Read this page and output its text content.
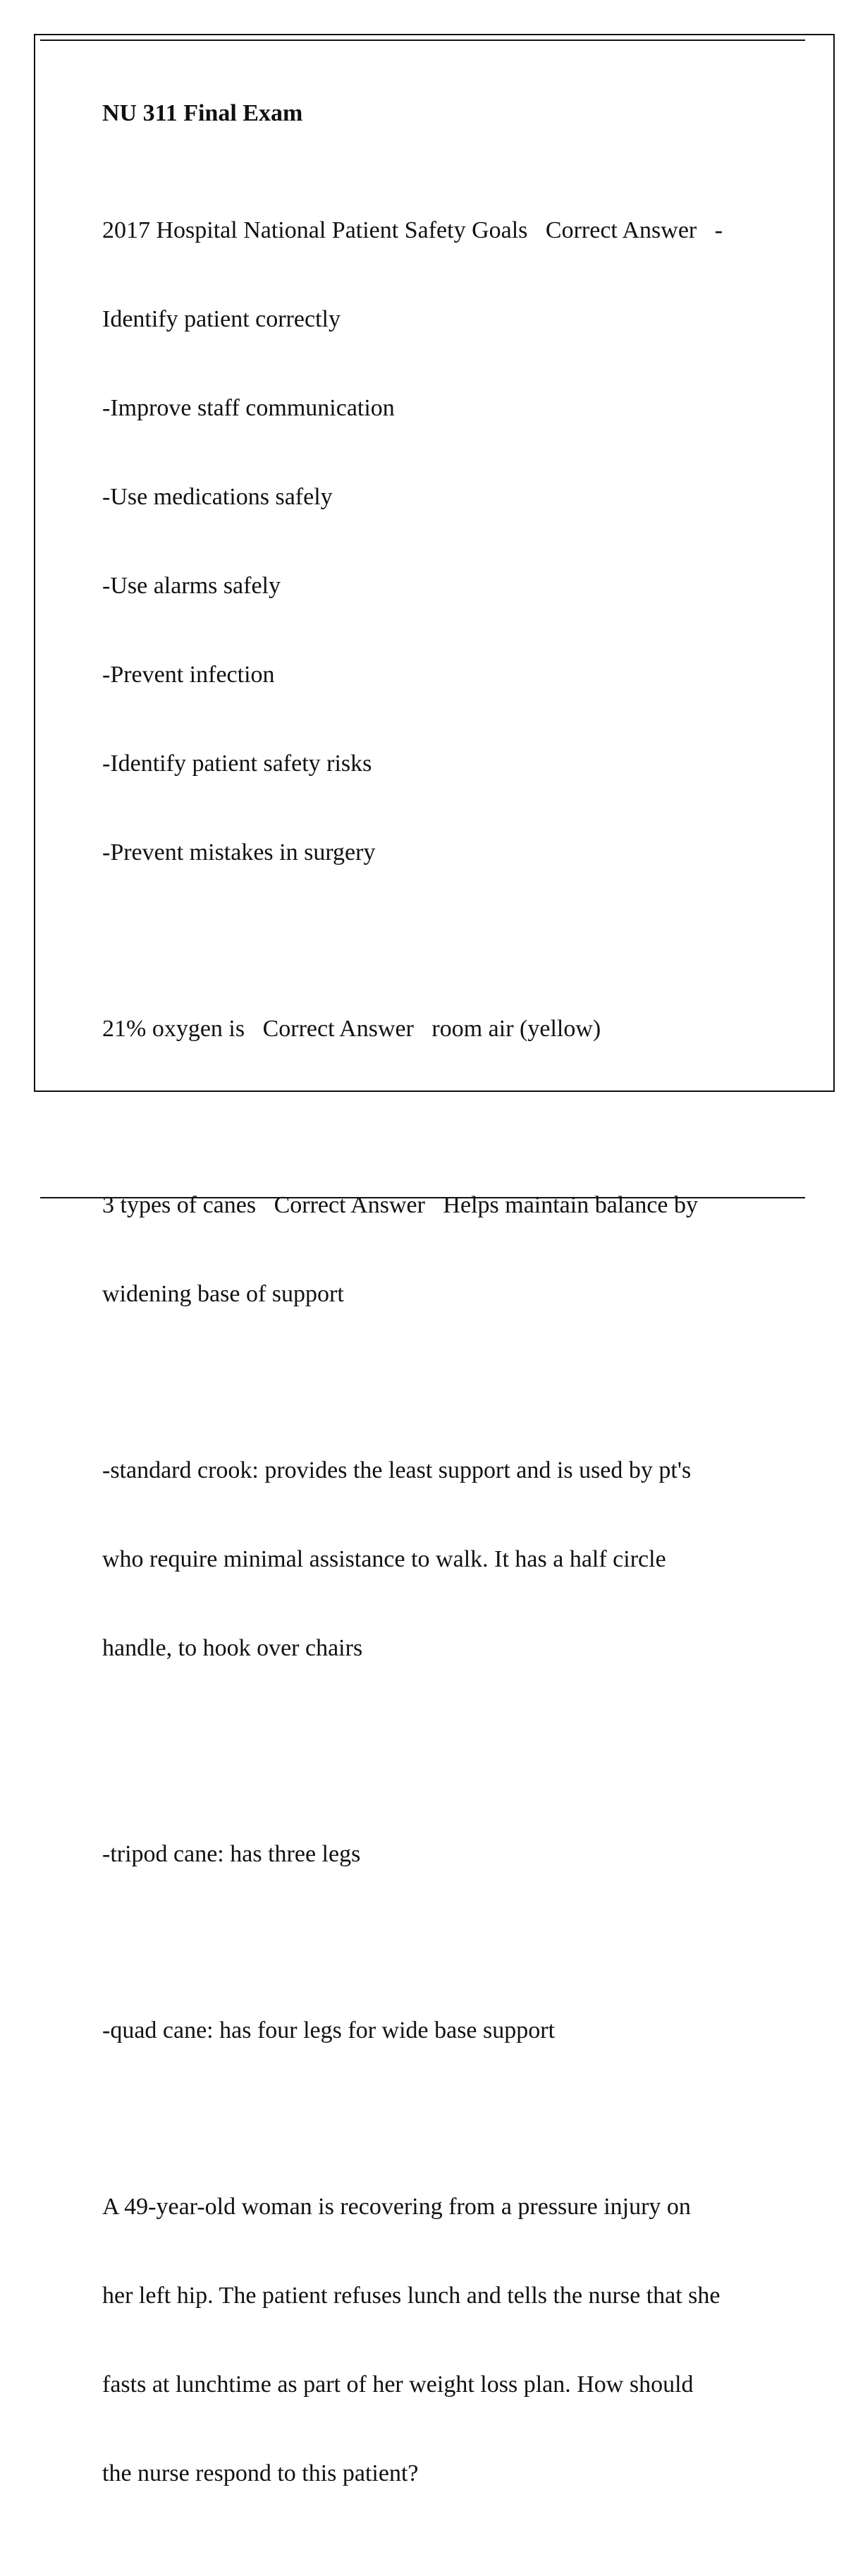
NU 311 Final Exam

2017 Hospital National Patient Safety Goals   Correct Answer   -

Identify patient correctly

-Improve staff communication

-Use medications safely

-Use alarms safely

-Prevent infection

-Identify patient safety risks

-Prevent mistakes in surgery

21% oxygen is   Correct Answer   room air (yellow)

3 types of canes   Correct Answer   Helps maintain balance by

widening base of support

-standard crook: provides the least support and is used by pt's

who require minimal assistance to walk. It has a half circle

handle, to hook over chairs

-tripod cane: has three legs

-quad cane: has four legs for wide base support

A 49-year-old woman is recovering from a pressure injury on

her left hip. The patient refuses lunch and tells the nurse that she

fasts at lunchtime as part of her weight loss plan. How should

the nurse respond to this patient?
